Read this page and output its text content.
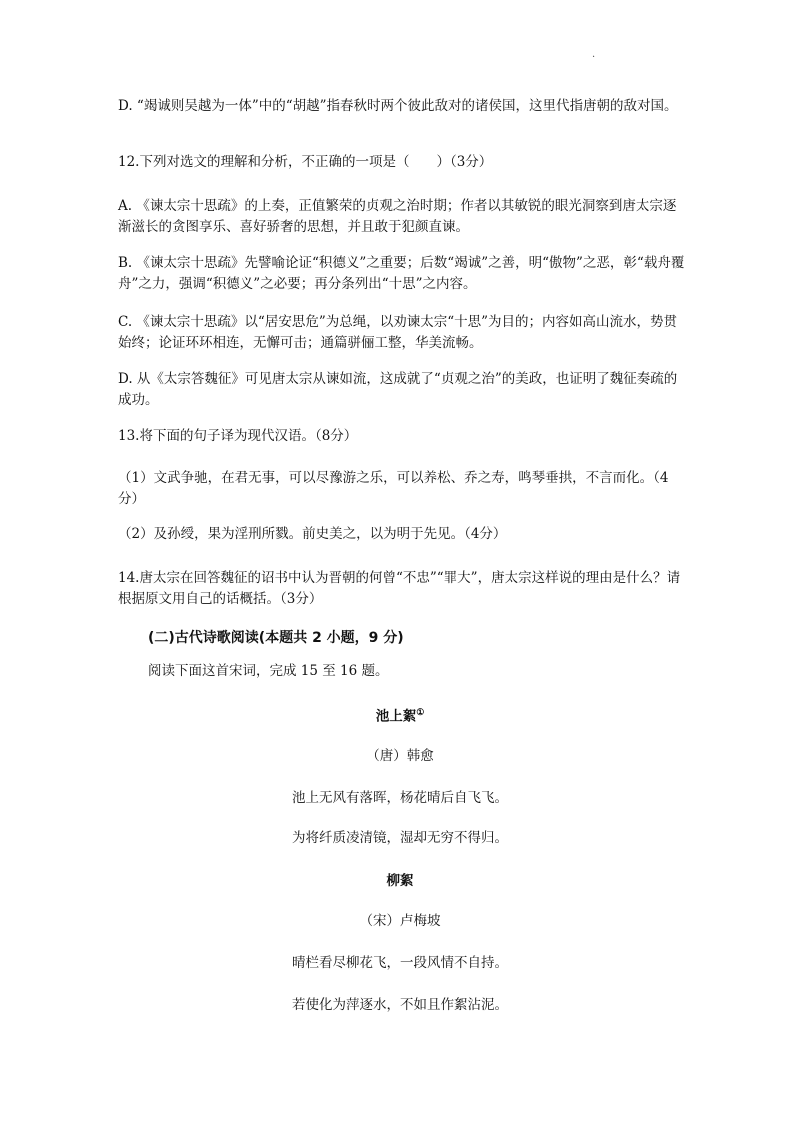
·

D. “竭诚则吴越为一体”中的“胡越”指春秋时两个彼此敌对的诸侯国，这里代指唐朝的敌对国。

12.下列对选文的理解和分析，不正确的一项是（　　）（3分）

A. 《谏太宗十思疏》的上奏，正值繁荣的贞观之治时期；作者以其敏锐的眼光洞察到唐太宗逐渐滋长的贪图享乐、喜好骄奢的思想，并且敢于犯颜直谏。

B. 《谏太宗十思疏》先譬喻论证“积德义”之重要；后数“竭诚”之善，明“傲物”之恶，彰“载舟覆舟”之力，强调“积德义”之必要；再分条列出“十思”之内容。

C. 《谏太宗十思疏》以“居安思危”为总绳，以劝谏太宗“十思”为目的；内容如高山流水，势贯始终；论证环环相连，无懈可击；通篇骈俪工整，华美流畅。

D. 从《太宗答魏征》可见唐太宗从谏如流，这成就了“贞观之治”的美政，也证明了魏征奏疏的成功。

13.将下面的句子译为现代汉语。（8分）

（1）文武争驰，在君无事，可以尽豫游之乐，可以养松、乔之寿，鸣琴垂拱，不言而化。（4分）

（2）及孙绶，果为淫刑所戮。前史美之，以为明于先见。（4分）

14.唐太宗在回答魏征的诏书中认为晋朝的何曾“不忠”“罪大”，唐太宗这样说的理由是什么？请根据原文用自己的话概括。（3分）

(二)古代诗歌阅读(本题共 2 小题，9 分)

阅读下面这首宋词，完成 15 至 16 题。

池上絮①

（唐）韩愈

池上无风有落晖，杨花晴后自飞飞。

为将纤质凌清镜，湿却无穷不得归。

柳絮

（宋）卢梅坡

晴栏看尽柳花飞，一段风情不自持。

若使化为萍逐水，不如且作絮沾泥。
